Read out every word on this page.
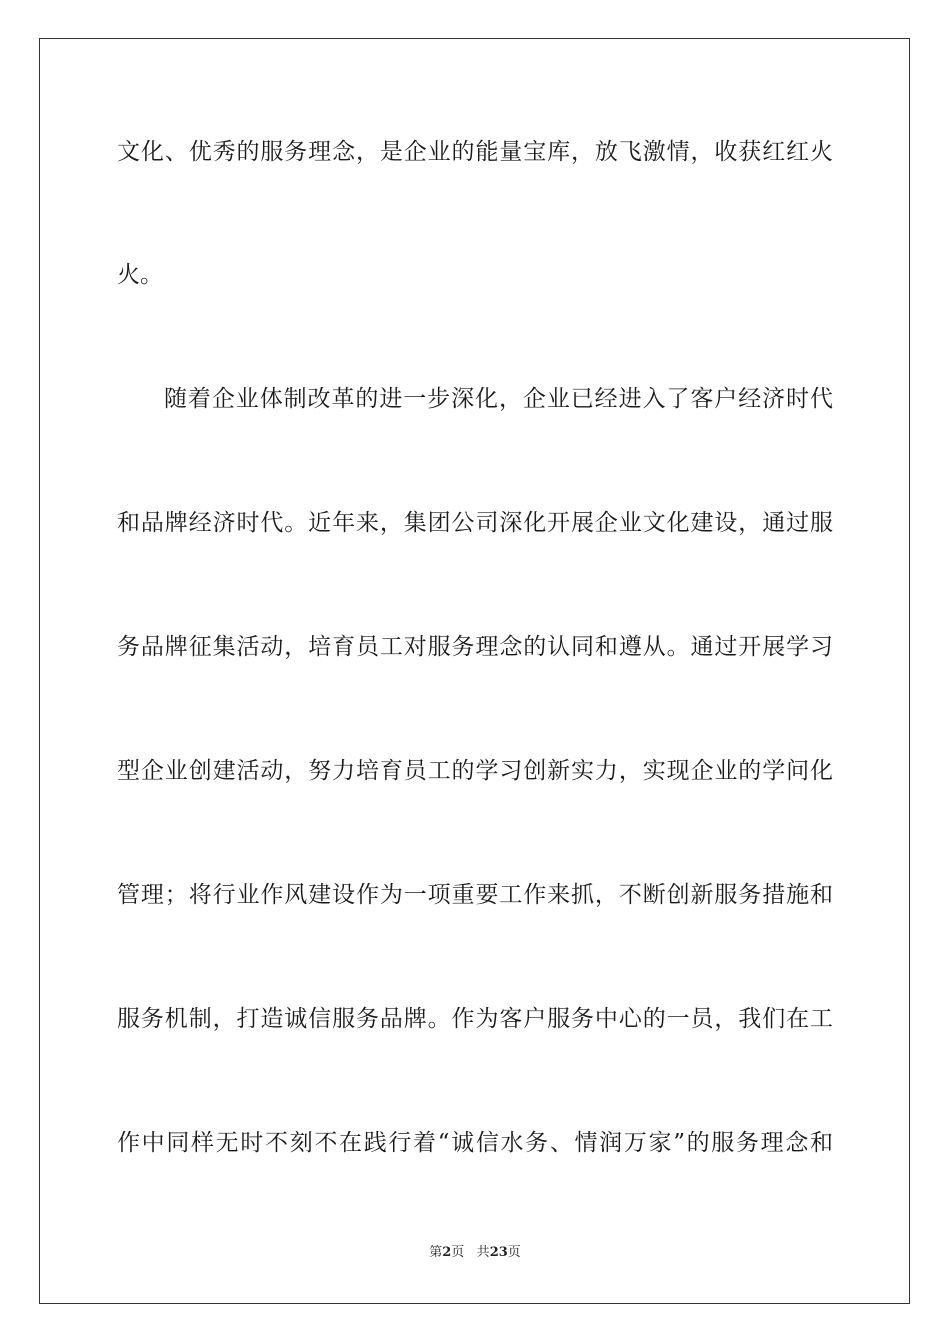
文化、优秀的服务理念，是企业的能量宝库，放飞激情，收获红红火
火。
随着企业体制改革的进一步深化，企业已经进入了客户经济时代
和品牌经济时代。近年来，集团公司深化开展企业文化建设，通过服
务品牌征集活动，培育员工对服务理念的认同和遵从。通过开展学习
型企业创建活动，努力培育员工的学习创新实力，实现企业的学问化
管理；将行业作风建设作为一项重要工作来抓，不断创新服务措施和
服务机制，打造诚信服务品牌。作为客户服务中心的一员，我们在工
作中同样无时不刻不在践行着“诚信水务、情润万家”的服务理念和
第2页 共23页
